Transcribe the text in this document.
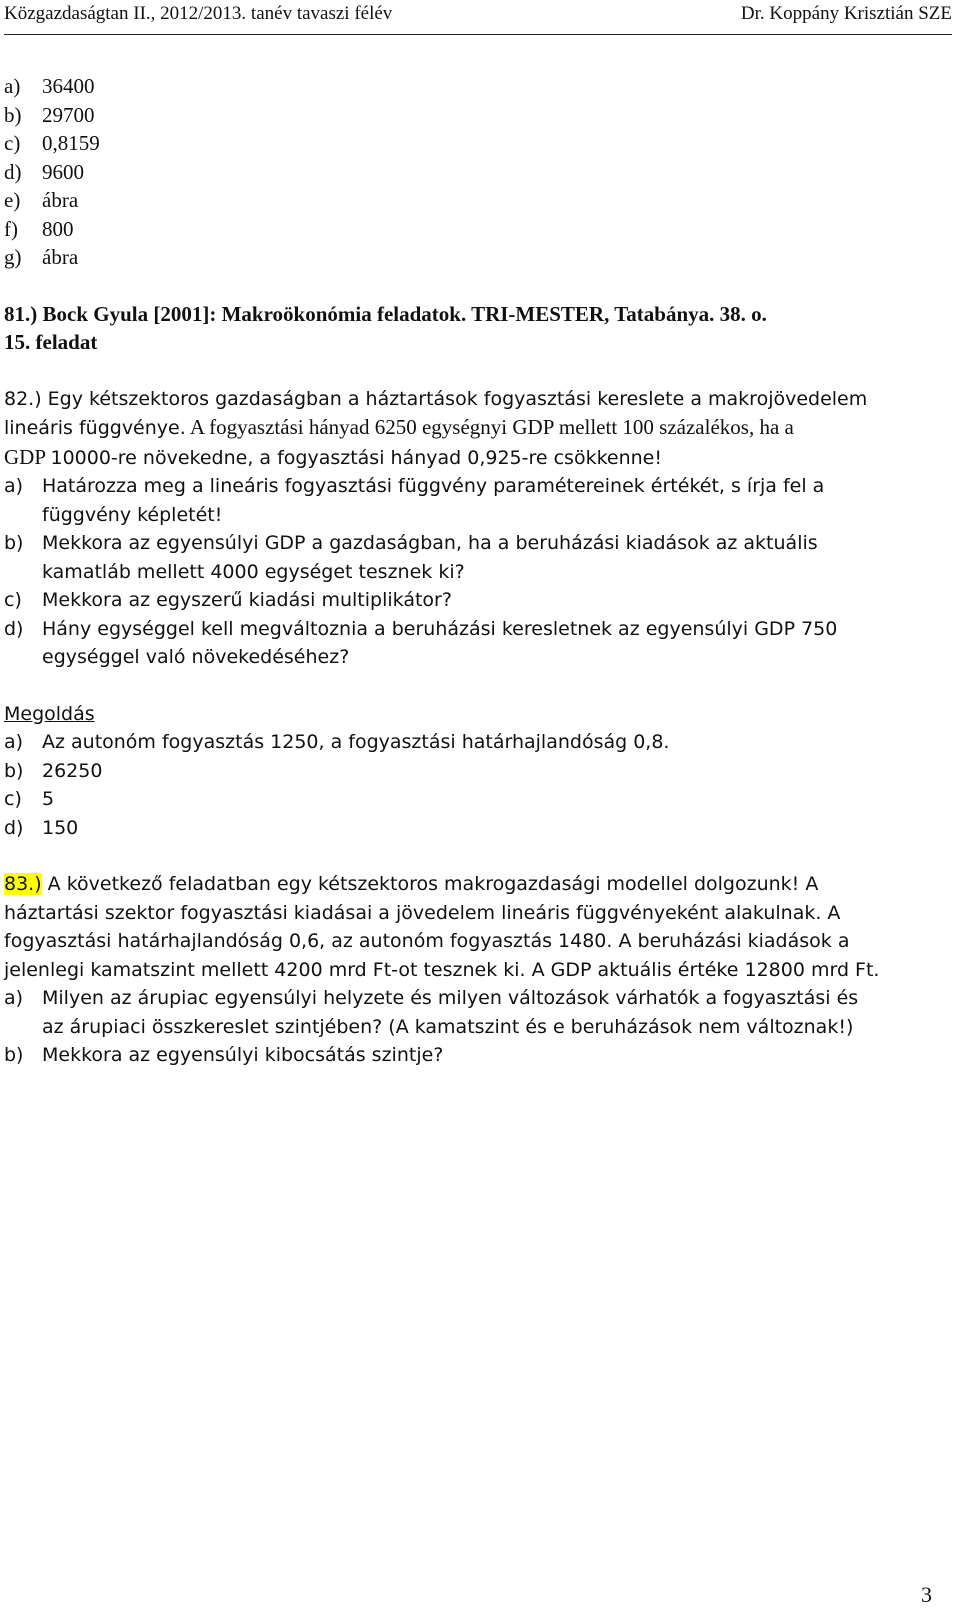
Közgazdaságtan II., 2012/2013. tanév tavaszi félév	Dr. Koppány Krisztián SZE
a)	36400
b) 29700
c)	0,8159
d) 9600
e)	ábra
f)	800
g) ábra
81.) Bock Gyula [2001]: Makroökonómia feladatok. TRI-MESTER, Tatabánya. 38. o.
15. feladat
82.) Egy kétszektoros gazdaságban a háztartások fogyasztási kereslete a makrojövedelem
lineáris függvénye. A fogyasztási hányad 6250 egységnyi GDP mellett 100 százalékos, ha a
GDP 10000-re növekedne, a fogyasztási hányad 0,925-re csökkenne!
a) Határozza meg a lineáris fogyasztási függvény paramétereinek értékét, s írja fel a
függvény képletét!
b) Mekkora az egyensúlyi GDP a gazdaságban, ha a beruházási kiadások az aktuális
kamatláb mellett 4000 egységet tesznek ki?
c)	Mekkora az egyszerű kiadási multiplikátor?
d) Hány egységgel kell megváltoznia a beruházási keresletnek az egyensúlyi GDP 750
egységgel való növekedéséhez?
Megoldás
a) Az autonóm fogyasztás 1250, a fogyasztási határhajlandóság 0,8.
b) 26250
c)	5
d) 150
83.) A következő feladatban egy kétszektoros makrogazdasági modellel dolgozunk! A
háztartási szektor fogyasztási kiadásai a jövedelem lineáris függvényeként alakulnak. A
fogyasztási határhajlandóság 0,6, az autonóm fogyasztás 1480. A beruházási kiadások a
jelenlegi kamatszint mellett 4200 mrd Ft-ot tesznek ki. A GDP aktuális értéke 12800 mrd Ft.
a) Milyen az árupiac egyensúlyi helyzete és milyen változások várhatók a fogyasztási és
az árupiaci összkereslet szintjében? (A kamatszint és e beruházások nem változnak!)
b) Mekkora az egyensúlyi kibocsátás szintje?
3
